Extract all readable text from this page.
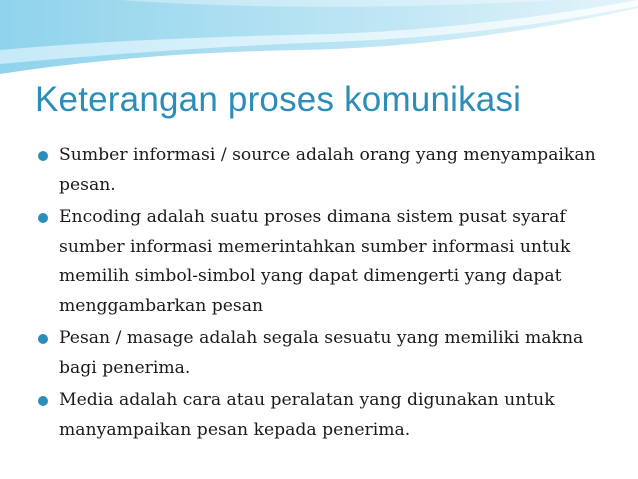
Keterangan proses komunikasi
Sumber informasi / source adalah orang yang menyampaikan pesan.
Encoding adalah suatu proses dimana sistem pusat syaraf sumber informasi memerintahkan sumber informasi untuk memilih simbol-simbol yang dapat dimengerti yang dapat menggambarkan pesan
Pesan / masage adalah segala sesuatu yang memiliki makna bagi penerima.
Media adalah cara atau peralatan yang digunakan untuk manyampaikan pesan kepada penerima.
